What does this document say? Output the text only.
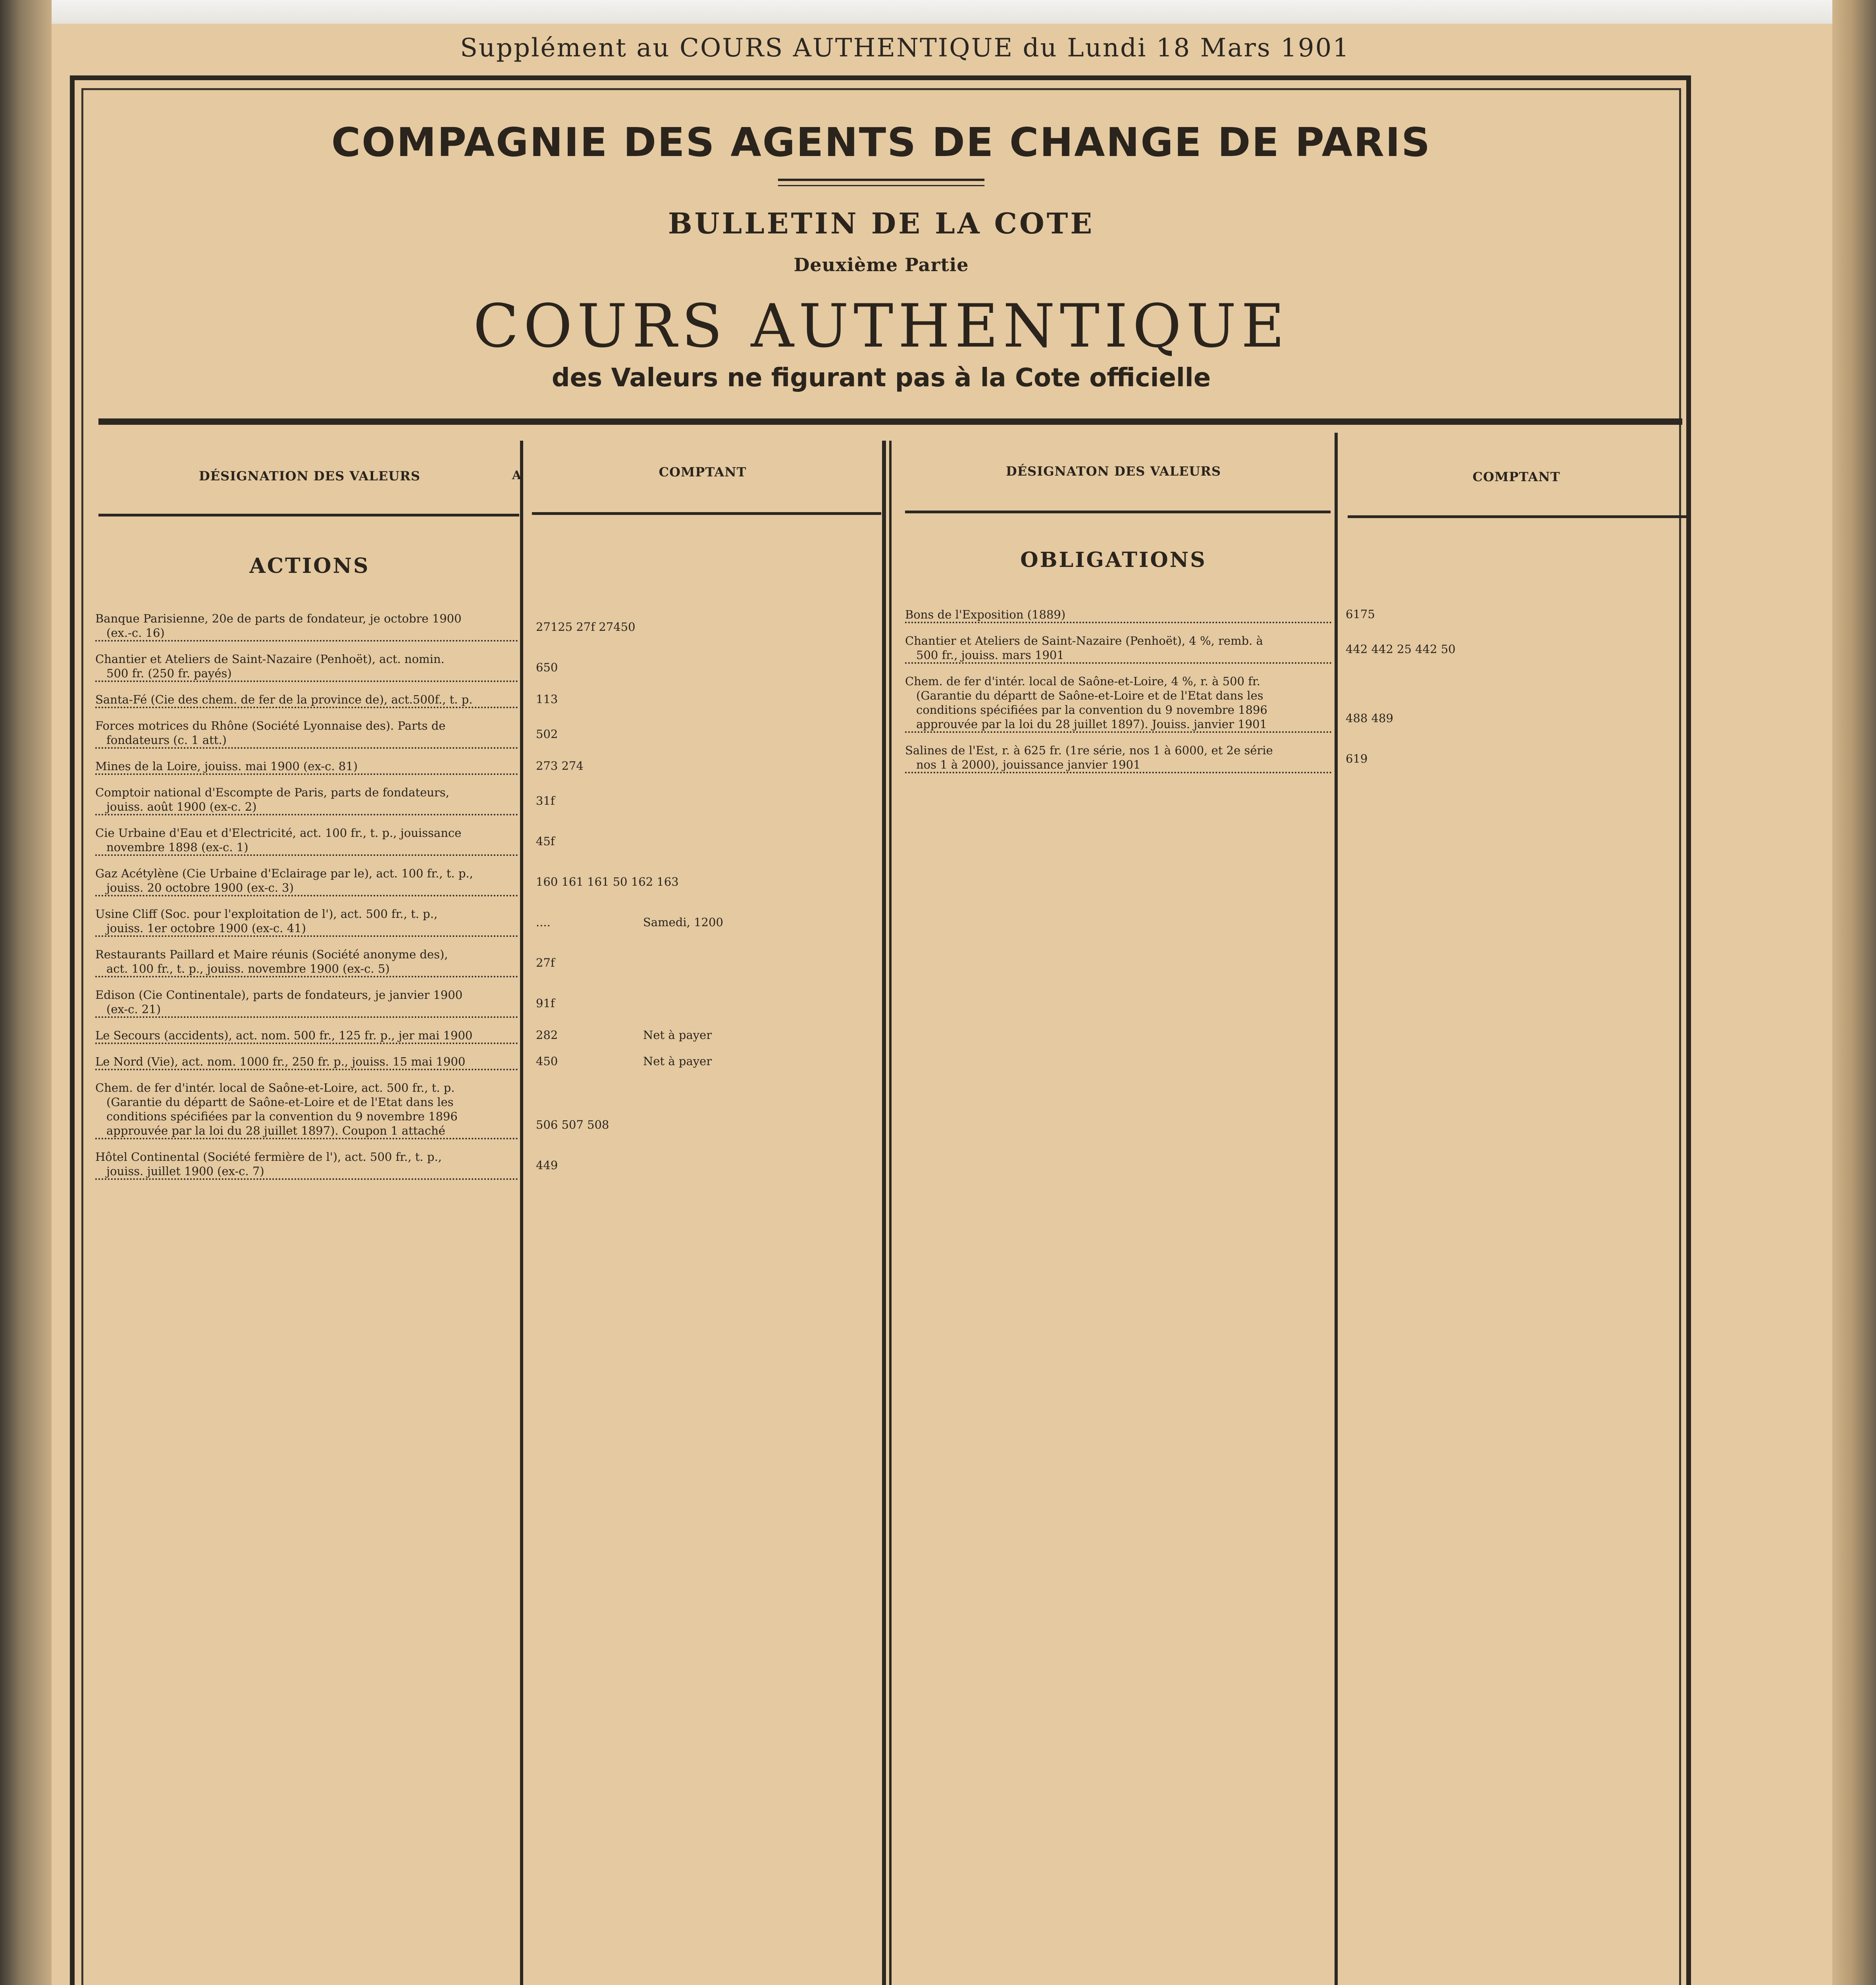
Supplément au COURS AUTHENTIQUE du Lundi 18 Mars 1901
COMPAGNIE DES AGENTS DE CHANGE DE PARIS
BULLETIN DE LA COTE
Deuxième Partie
COURS AUTHENTIQUE
des Valeurs ne figurant pas à la Cote officielle
DÉSIGNATION DES VALEURS	A	COMPTANT	DÉSIGNATON DES VALEURS	COMPTANT
ACTIONS
Banque Parisienne, 20e de parts de fondateur, je octobre 1900
(ex.-c. 16)	27125 27f 27450
Chantier et Ateliers de Saint-Nazaire (Penhoët), act. nomin.
500 fr. (250 fr. payés)	650
Santa-Fé (Cie des chem. de fer de la province de), act.500f., t. p.	113
Forces motrices du Rhône (Société Lyonnaise des). Parts de
fondateurs (c. 1 att.)	502
Mines de la Loire, jouiss. mai 1900 (ex-c. 81)	273 274
Comptoir national d'Escompte de Paris, parts de fondateurs,
jouiss. août 1900 (ex-c. 2)	31f
Cie Urbaine d'Eau et d'Electricité, act. 100 fr., t. p., jouissance
novembre 1898 (ex-c. 1)	45f
Gaz Acétylène (Cie Urbaine d'Eclairage par le), act. 100 fr., t. p.,
jouiss. 20 octobre 1900 (ex-c. 3)	160 161 161 50 162 163
Usine Cliff (Soc. pour l'exploitation de l'), act. 500 fr., t. p.,
jouiss. 1er octobre 1900 (ex-c. 41)	....	Samedi, 1200
Restaurants Paillard et Maire réunis (Société anonyme des),
act. 100 fr., t. p., jouiss. novembre 1900 (ex-c. 5)	27f
Edison (Cie Continentale), parts de fondateurs, je janvier 1900
(ex-c. 21)	91f
Le Secours (accidents), act. nom. 500 fr., 125 fr. p., jer mai 1900	282	Net à payer
Le Nord (Vie), act. nom. 1000 fr., 250 fr. p., jouiss. 15 mai 1900	450	Net à payer
Chem. de fer d'intér. local de Saône-et-Loire, act. 500 fr., t. p.
(Garantie du départt de Saône-et-Loire et de l'Etat dans les
conditions spécifiées par la convention du 9 novembre 1896
approuvée par la loi du 28 juillet 1897). Coupon 1 attaché	506 507 508
Hôtel Continental (Société fermière de l'), act. 500 fr., t. p.,
jouiss. juillet 1900 (ex-c. 7)	449
OBLIGATIONS
Bons de l'Exposition (1889)	6175
Chantier et Ateliers de Saint-Nazaire (Penhoët), 4 %, remb. à
500 fr., jouiss. mars 1901	442 442 25 442 50
Chem. de fer d'intér. local de Saône-et-Loire, 4 %, r. à 500 fr.
(Garantie du départt de Saône-et-Loire et de l'Etat dans les
conditions spécifiées par la convention du 9 novembre 1896
approuvée par la loi du 28 juillet 1897). Jouiss. janvier 1901	488 489
Salines de l'Est, r. à 625 fr. (1re série, nos 1 à 6000, et 2e série
nos 1 à 2000), jouissance janvier 1901	619
